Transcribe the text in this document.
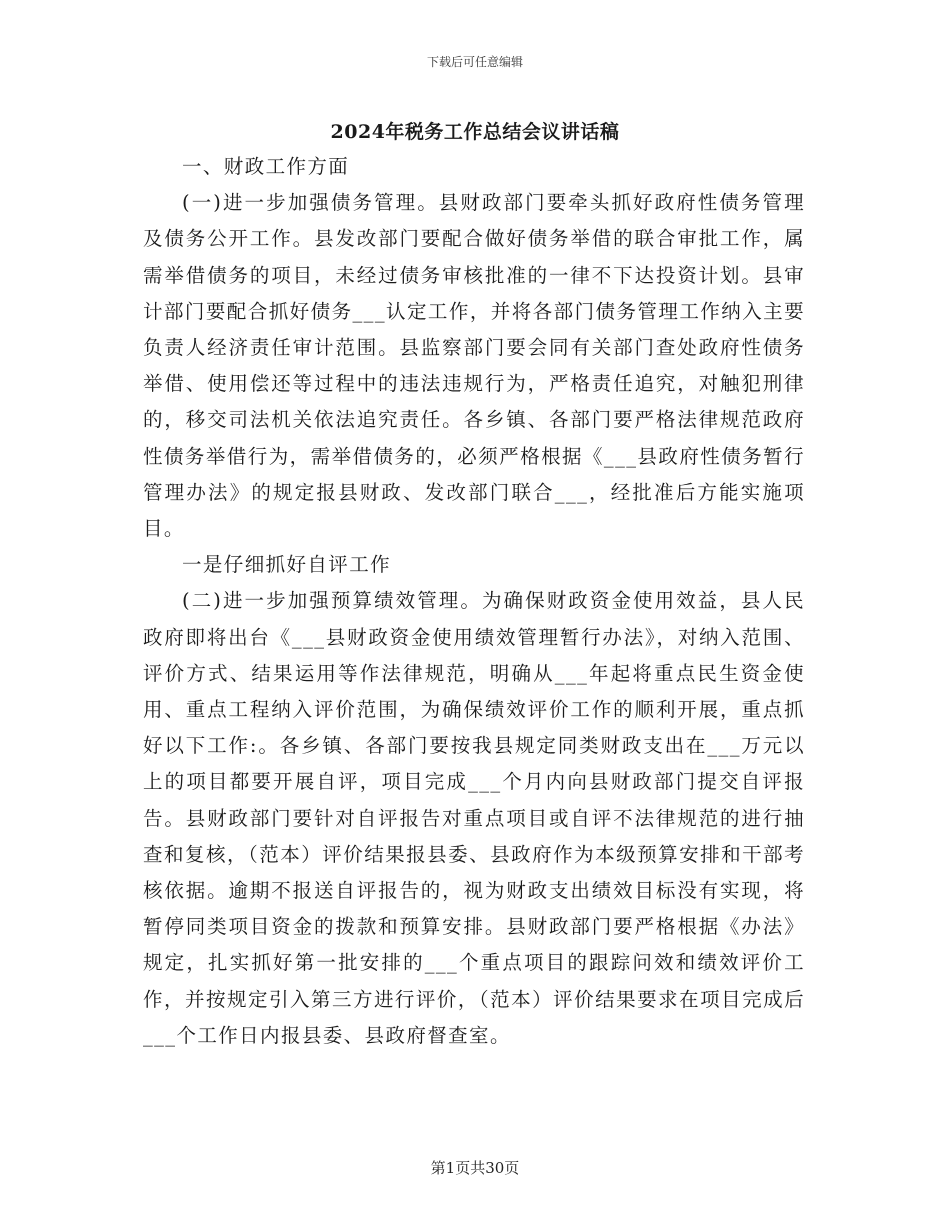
下载后可任意编辑
2024年税务工作总结会议讲话稿

一、财政工作方面

(一)进一步加强债务管理。县财政部门要牵头抓好政府性债务管理及债务公开工作。县发改部门要配合做好债务举借的联合审批工作，属需举借债务的项目，未经过债务审核批准的一律不下达投资计划。县审计部门要配合抓好债务___认定工作，并将各部门债务管理工作纳入主要负责人经济责任审计范围。县监察部门要会同有关部门查处政府性债务举借、使用偿还等过程中的违法违规行为，严格责任追究，对触犯刑律的，移交司法机关依法追究责任。各乡镇、各部门要严格法律规范政府性债务举借行为，需举借债务的，必须严格根据《___县政府性债务暂行管理办法》的规定报县财政、发改部门联合___，经批准后方能实施项目。

一是仔细抓好自评工作

(二)进一步加强预算绩效管理。为确保财政资金使用效益，县人民政府即将出台《___县财政资金使用绩效管理暂行办法》，对纳入范围、评价方式、结果运用等作法律规范，明确从___年起将重点民生资金使用、重点工程纳入评价范围，为确保绩效评价工作的顺利开展，重点抓好以下工作:。各乡镇、各部门要按我县规定同类财政支出在___万元以上的项目都要开展自评，项目完成___个月内向县财政部门提交自评报告。县财政部门要针对自评报告对重点项目或自评不法律规范的进行抽查和复核，（范本）评价结果报县委、县政府作为本级预算安排和干部考核依据。逾期不报送自评报告的，视为财政支出绩效目标没有实现，将暂停同类项目资金的拨款和预算安排。县财政部门要严格根据《办法》规定，扎实抓好第一批安排的___个重点项目的跟踪问效和绩效评价工作，并按规定引入第三方进行评价，（范本）评价结果要求在项目完成后___个工作日内报县委、县政府督查室。

第1页共30页
